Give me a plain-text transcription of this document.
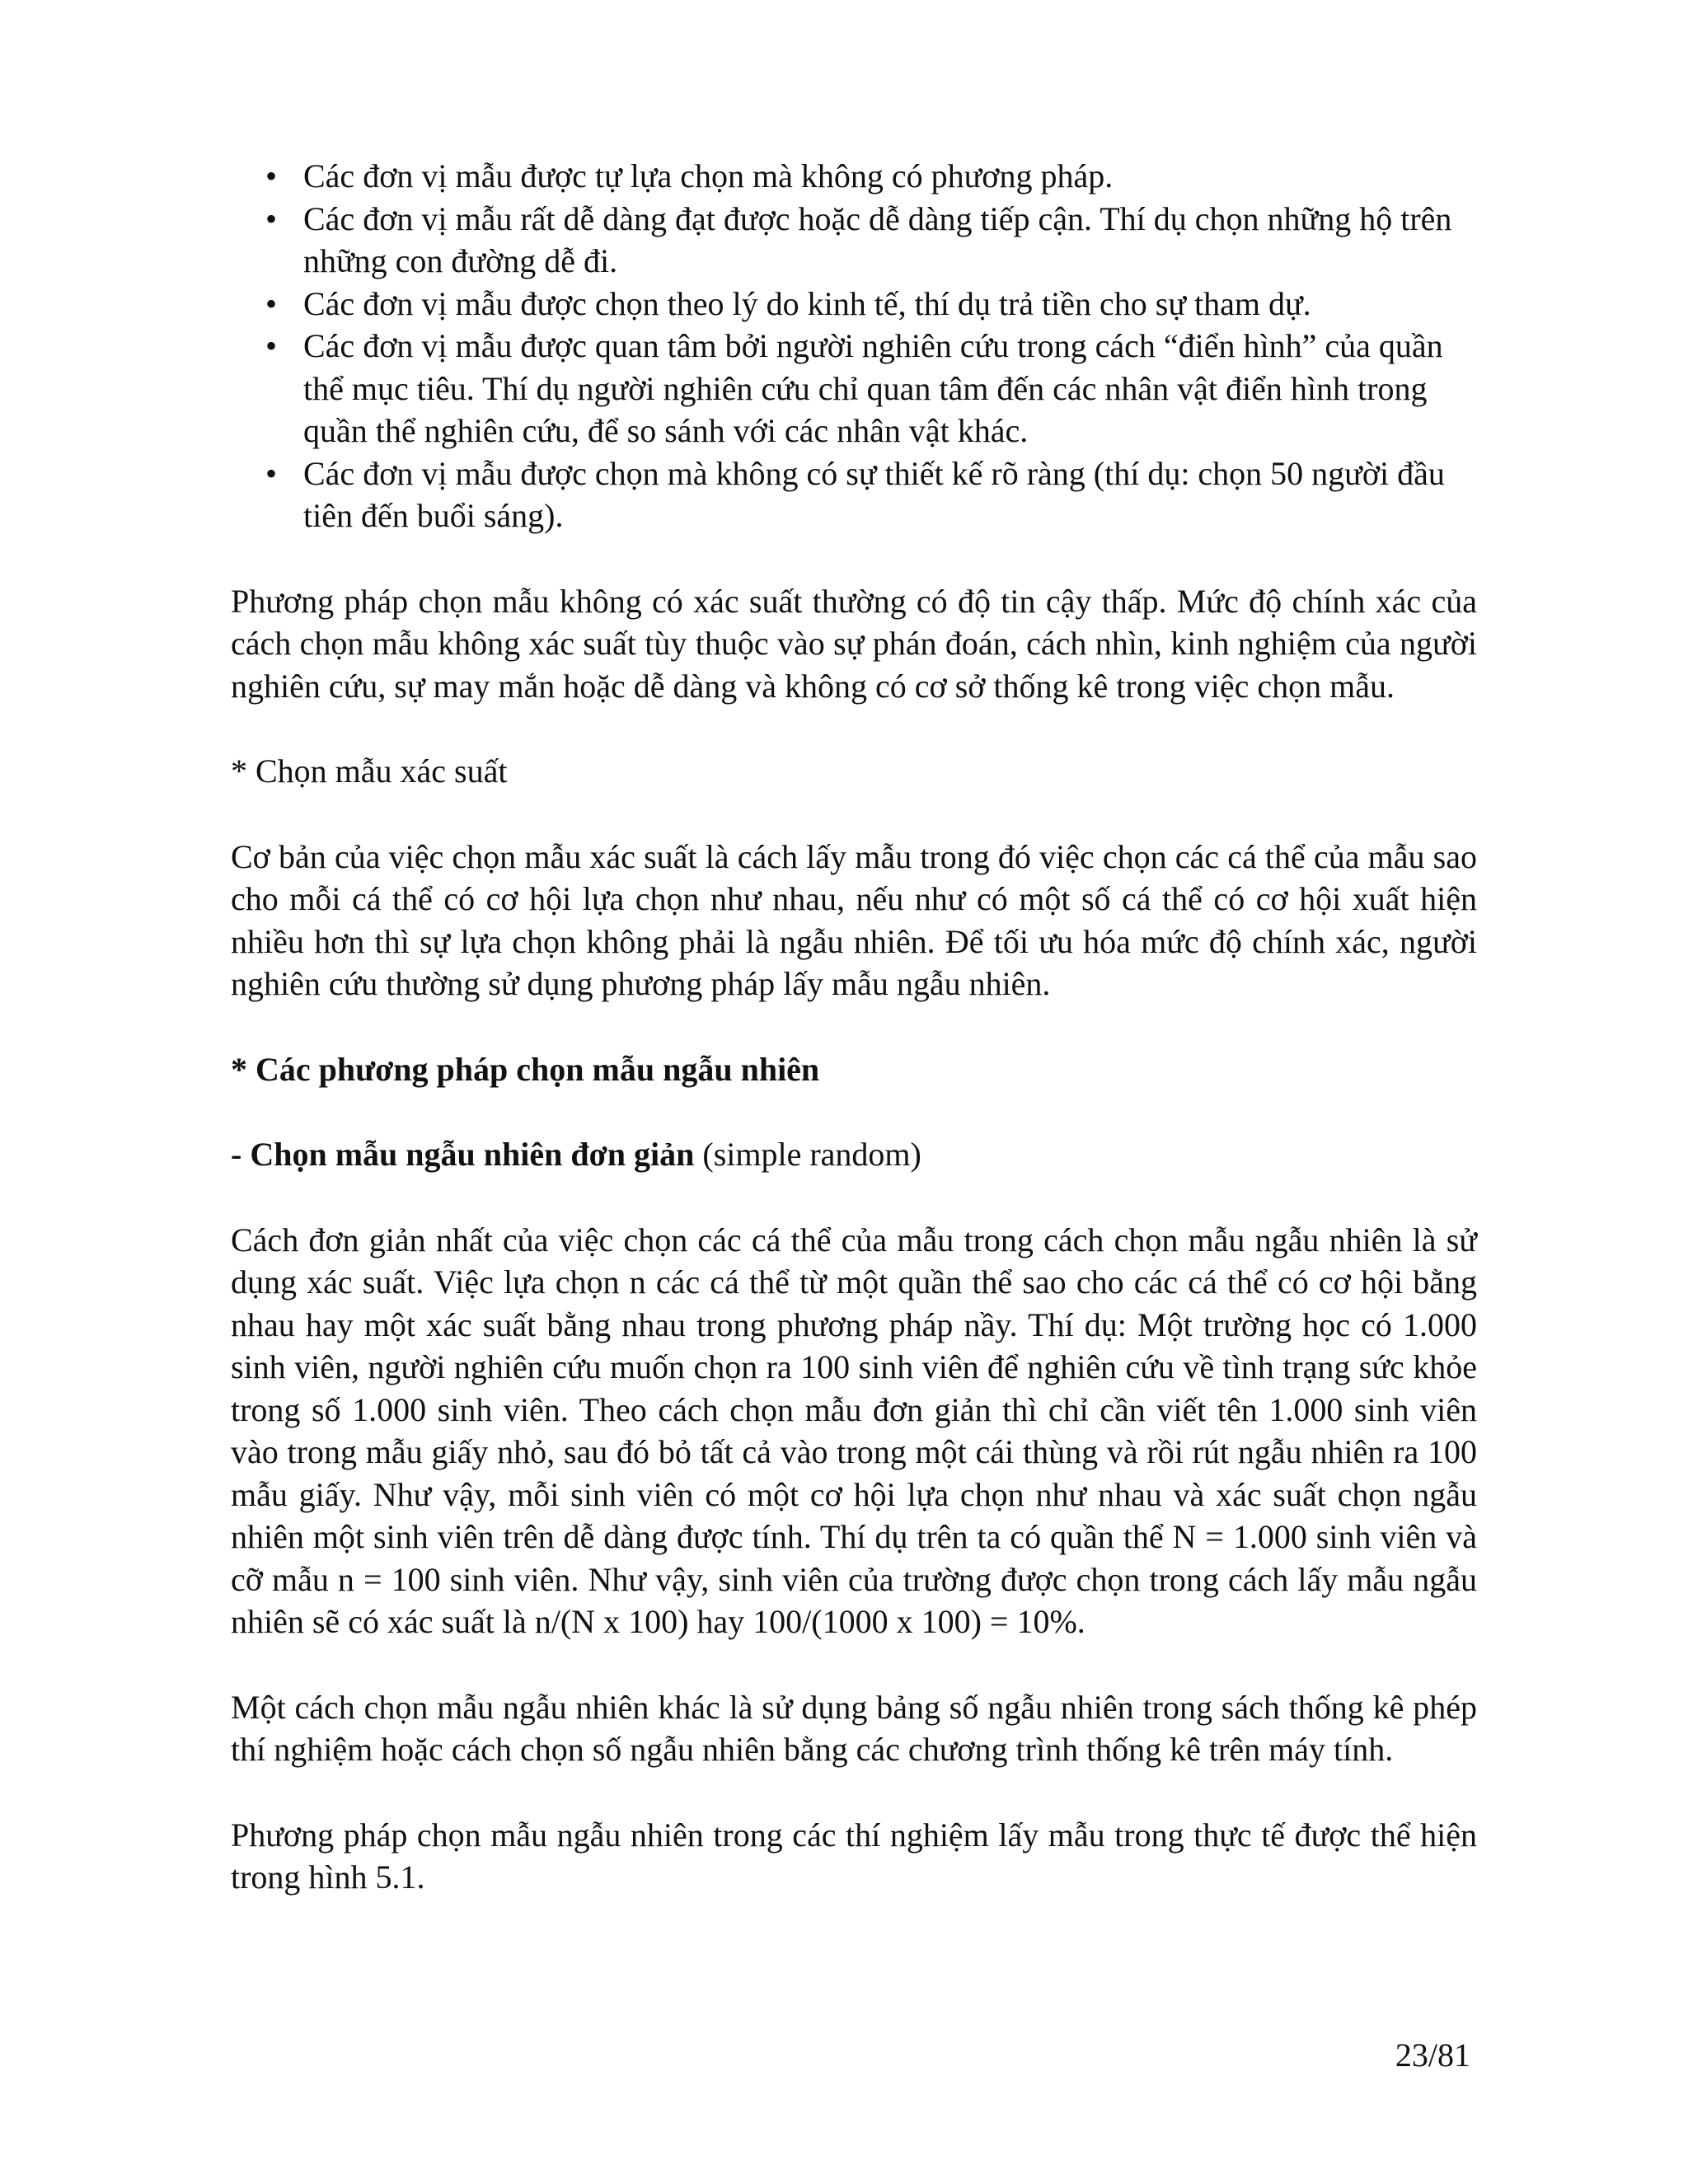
• Các đơn vị mẫu được tự lựa chọn mà không có phương pháp.
• Các đơn vị mẫu rất dễ dàng đạt được hoặc dễ dàng tiếp cận. Thí dụ chọn những hộ trên những con đường dễ đi.
• Các đơn vị mẫu được chọn theo lý do kinh tế, thí dụ trả tiền cho sự tham dự.
• Các đơn vị mẫu được quan tâm bởi người nghiên cứu trong cách “điển hình” của quần thể mục tiêu. Thí dụ người nghiên cứu chỉ quan tâm đến các nhân vật điển hình trong quần thể nghiên cứu, để so sánh với các nhân vật khác.
• Các đơn vị mẫu được chọn mà không có sự thiết kế rõ ràng (thí dụ: chọn 50 người đầu tiên đến buổi sáng).

Phương pháp chọn mẫu không có xác suất thường có độ tin cậy thấp. Mức độ chính xác của cách chọn mẫu không xác suất tùy thuộc vào sự phán đoán, cách nhìn, kinh nghiệm của người nghiên cứu, sự may mắn hoặc dễ dàng và không có cơ sở thống kê trong việc chọn mẫu.

* Chọn mẫu xác suất

Cơ bản của việc chọn mẫu xác suất là cách lấy mẫu trong đó việc chọn các cá thể của mẫu sao cho mỗi cá thể có cơ hội lựa chọn như nhau, nếu như có một số cá thể có cơ hội xuất hiện nhiều hơn thì sự lựa chọn không phải là ngẫu nhiên. Để tối ưu hóa mức độ chính xác, người nghiên cứu thường sử dụng phương pháp lấy mẫu ngẫu nhiên.

* Các phương pháp chọn mẫu ngẫu nhiên

- Chọn mẫu ngẫu nhiên đơn giản (simple random)

Cách đơn giản nhất của việc chọn các cá thể của mẫu trong cách chọn mẫu ngẫu nhiên là sử dụng xác suất. Việc lựa chọn n các cá thể từ một quần thể sao cho các cá thể có cơ hội bằng nhau hay một xác suất bằng nhau trong phương pháp nầy. Thí dụ: Một trường học có 1.000 sinh viên, người nghiên cứu muốn chọn ra 100 sinh viên để nghiên cứu về tình trạng sức khỏe trong số 1.000 sinh viên. Theo cách chọn mẫu đơn giản thì chỉ cần viết tên 1.000 sinh viên vào trong mẫu giấy nhỏ, sau đó bỏ tất cả vào trong một cái thùng và rồi rút ngẫu nhiên ra 100 mẫu giấy. Như vậy, mỗi sinh viên có một cơ hội lựa chọn như nhau và xác suất chọn ngẫu nhiên một sinh viên trên dễ dàng được tính. Thí dụ trên ta có quần thể N = 1.000 sinh viên và cỡ mẫu n = 100 sinh viên. Như vậy, sinh viên của trường được chọn trong cách lấy mẫu ngẫu nhiên sẽ có xác suất là n/(N x 100) hay 100/(1000 x 100) = 10%.

Một cách chọn mẫu ngẫu nhiên khác là sử dụng bảng số ngẫu nhiên trong sách thống kê phép thí nghiệm hoặc cách chọn số ngẫu nhiên bằng các chương trình thống kê trên máy tính.

Phương pháp chọn mẫu ngẫu nhiên trong các thí nghiệm lấy mẫu trong thực tế được thể hiện trong hình 5.1.

23/81
